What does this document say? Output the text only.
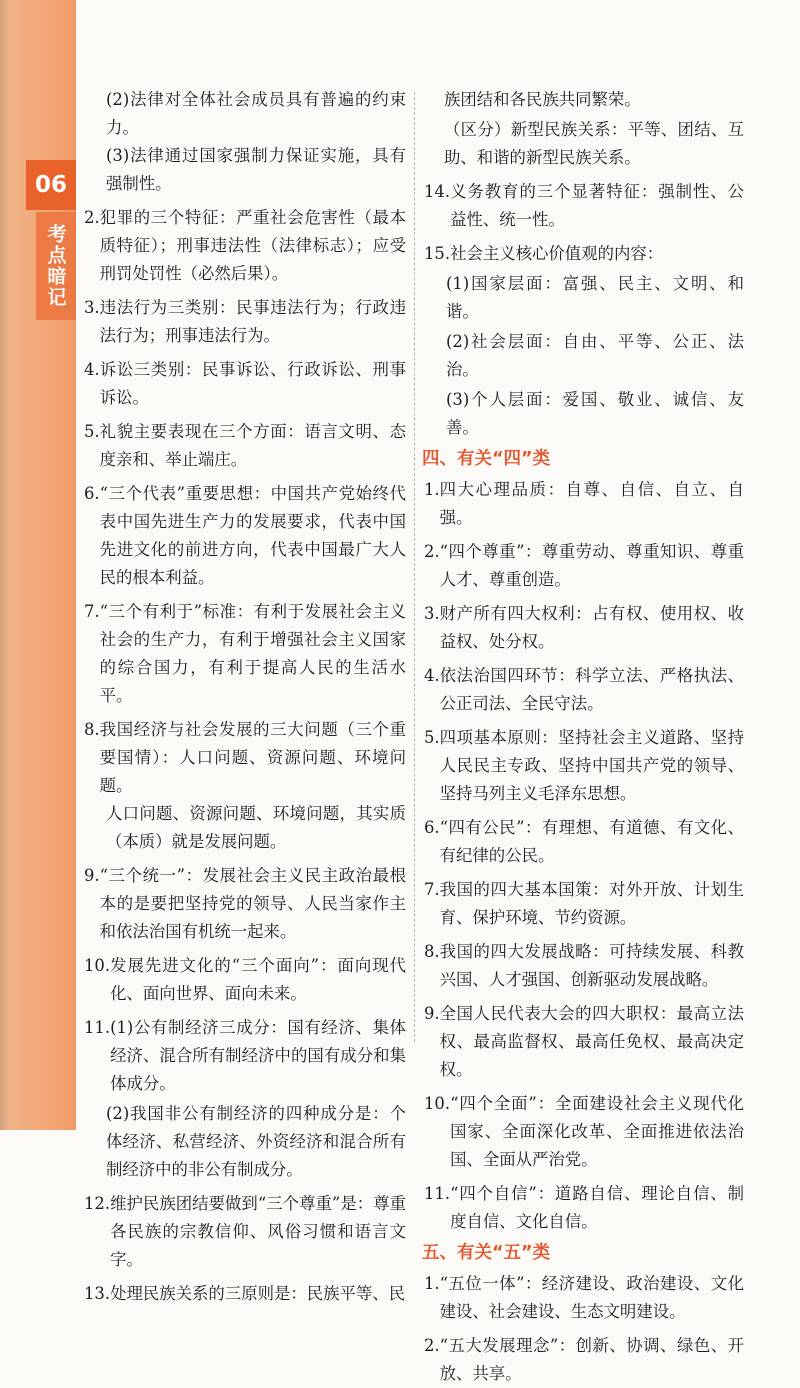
06
考点暗记
(2)法律对全体社会成员具有普遍的约束力。
(3)法律通过国家强制力保证实施，具有强制性。
2. 犯罪的三个特征：严重社会危害性（最本质特征）；刑事违法性（法律标志）；应受刑罚处罚性（必然后果）。
3. 违法行为三类别：民事违法行为；行政违法行为；刑事违法行为。
4. 诉讼三类别：民事诉讼、行政诉讼、刑事诉讼。
5. 礼貌主要表现在三个方面：语言文明、态度亲和、举止端庄。
6. “三个代表”重要思想：中国共产党始终代表中国先进生产力的发展要求，代表中国先进文化的前进方向，代表中国最广大人民的根本利益。
7. “三个有利于”标准：有利于发展社会主义社会的生产力，有利于增强社会主义国家的综合国力，有利于提高人民的生活水平。
8. 我国经济与社会发展的三大问题（三个重要国情）：人口问题、资源问题、环境问题。
人口问题、资源问题、环境问题，其实质（本质）就是发展问题。
9. “三个统一”：发展社会主义民主政治最根本的是要把坚持党的领导、人民当家作主和依法治国有机统一起来。
10. 发展先进文化的“三个面向”：面向现代化、面向世界、面向未来。
11. (1)公有制经济三成分：国有经济、集体经济、混合所有制经济中的国有成分和集体成分。
(2)我国非公有制经济的四种成分是：个体经济、私营经济、外资经济和混合所有制经济中的非公有制成分。
12. 维护民族团结要做到“三个尊重”是：尊重各民族的宗教信仰、风俗习惯和语言文字。
13. 处理民族关系的三原则是：民族平等、民
族团结和各民族共同繁荣。
（区分）新型民族关系：平等、团结、互助、和谐的新型民族关系。
14. 义务教育的三个显著特征：强制性、公益性、统一性。
15. 社会主义核心价值观的内容：
(1)国家层面：富强、民主、文明、和谐。
(2)社会层面：自由、平等、公正、法治。
(3)个人层面：爱国、敬业、诚信、友善。
四、有关“四”类
1. 四大心理品质：自尊、自信、自立、自强。
2. “四个尊重”：尊重劳动、尊重知识、尊重人才、尊重创造。
3. 财产所有四大权利：占有权、使用权、收益权、处分权。
4. 依法治国四环节：科学立法、严格执法、公正司法、全民守法。
5. 四项基本原则：坚持社会主义道路、坚持人民民主专政、坚持中国共产党的领导、坚持马列主义毛泽东思想。
6. “四有公民”：有理想、有道德、有文化、有纪律的公民。
7. 我国的四大基本国策：对外开放、计划生育、保护环境、节约资源。
8. 我国的四大发展战略：可持续发展、科教兴国、人才强国、创新驱动发展战略。
9. 全国人民代表大会的四大职权：最高立法权、最高监督权、最高任免权、最高决定权。
10. “四个全面”：全面建设社会主义现代化国家、全面深化改革、全面推进依法治国、全面从严治党。
11. “四个自信”：道路自信、理论自信、制度自信、文化自信。
五、有关“五”类
1. “五位一体”：经济建设、政治建设、文化建设、社会建设、生态文明建设。
2. “五大发展理念”：创新、协调、绿色、开放、共享。
